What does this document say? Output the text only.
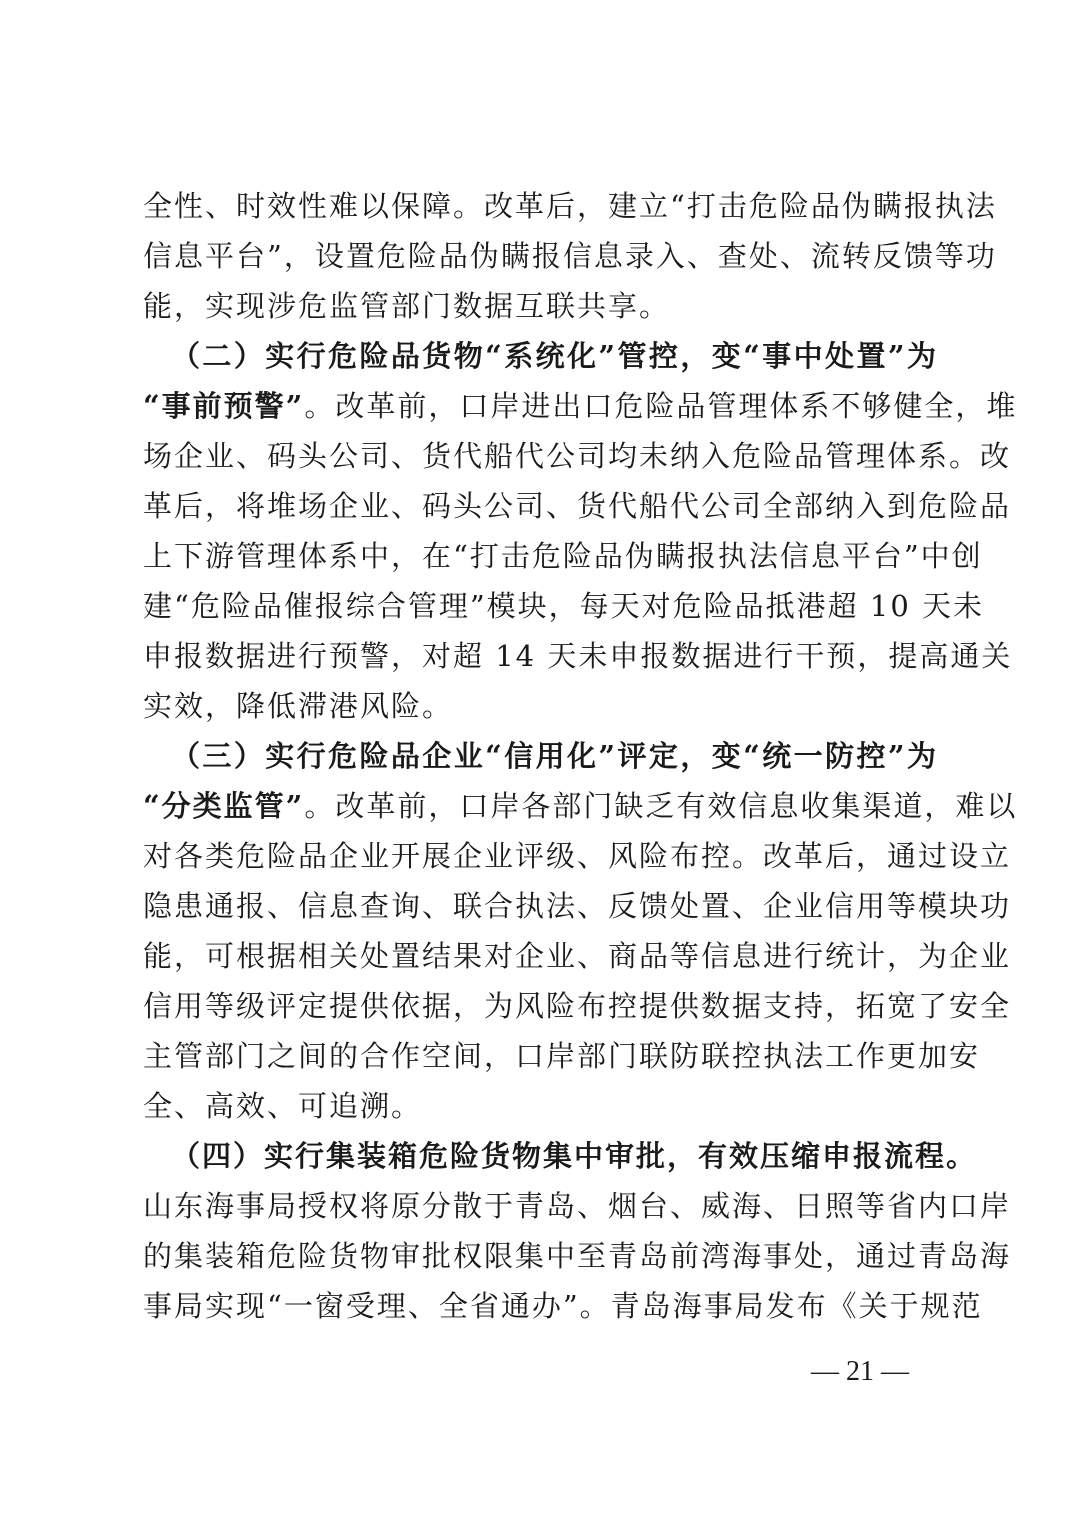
全性、时效性难以保障。改革后，建立“打击危险品伪瞒报执法
信息平台”，设置危险品伪瞒报信息录入、查处、流转反馈等功
能，实现涉危监管部门数据互联共享。
（二）实行危险品货物“系统化”管控，变“事中处置”为
“事前预警”。改革前，口岸进出口危险品管理体系不够健全，堆
场企业、码头公司、货代船代公司均未纳入危险品管理体系。改
革后，将堆场企业、码头公司、货代船代公司全部纳入到危险品
上下游管理体系中，在“打击危险品伪瞒报执法信息平台”中创
建“危险品催报综合管理”模块，每天对危险品抵港超 10 天未
申报数据进行预警，对超 14 天未申报数据进行干预，提高通关
实效，降低滞港风险。
（三）实行危险品企业“信用化”评定，变“统一防控”为
“分类监管”。改革前，口岸各部门缺乏有效信息收集渠道，难以
对各类危险品企业开展企业评级、风险布控。改革后，通过设立
隐患通报、信息查询、联合执法、反馈处置、企业信用等模块功
能，可根据相关处置结果对企业、商品等信息进行统计，为企业
信用等级评定提供依据，为风险布控提供数据支持，拓宽了安全
主管部门之间的合作空间，口岸部门联防联控执法工作更加安
全、高效、可追溯。
（四）实行集装箱危险货物集中审批，有效压缩申报流程。
山东海事局授权将原分散于青岛、烟台、威海、日照等省内口岸
的集装箱危险货物审批权限集中至青岛前湾海事处，通过青岛海
事局实现“一窗受理、全省通办”。青岛海事局发布《关于规范
— 21 —
